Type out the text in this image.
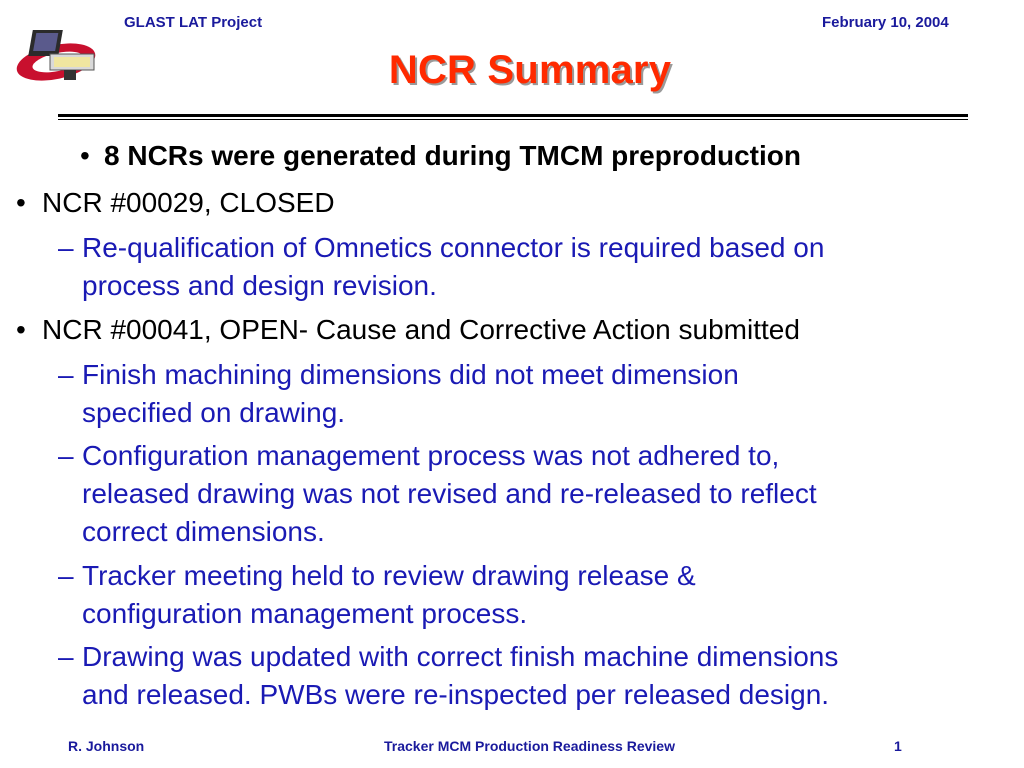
GLAST LAT Project	February 10, 2004
NCR Summary
• 8 NCRs were generated during TMCM preproduction
• NCR #00029, CLOSED
– Re-qualification of Omnetics connector is required based on
process and design revision.
• NCR #00041, OPEN- Cause and Corrective Action submitted
– Finish machining dimensions did not meet dimension
specified on drawing.
– Configuration management process was not adhered to,
released drawing was not revised and re-released to reflect
correct dimensions.
– Tracker meeting held to review drawing release &
configuration management process.
– Drawing was updated with correct finish machine dimensions
and released. PWBs were re-inspected per released design.
R. Johnson	Tracker MCM Production Readiness Review	1
